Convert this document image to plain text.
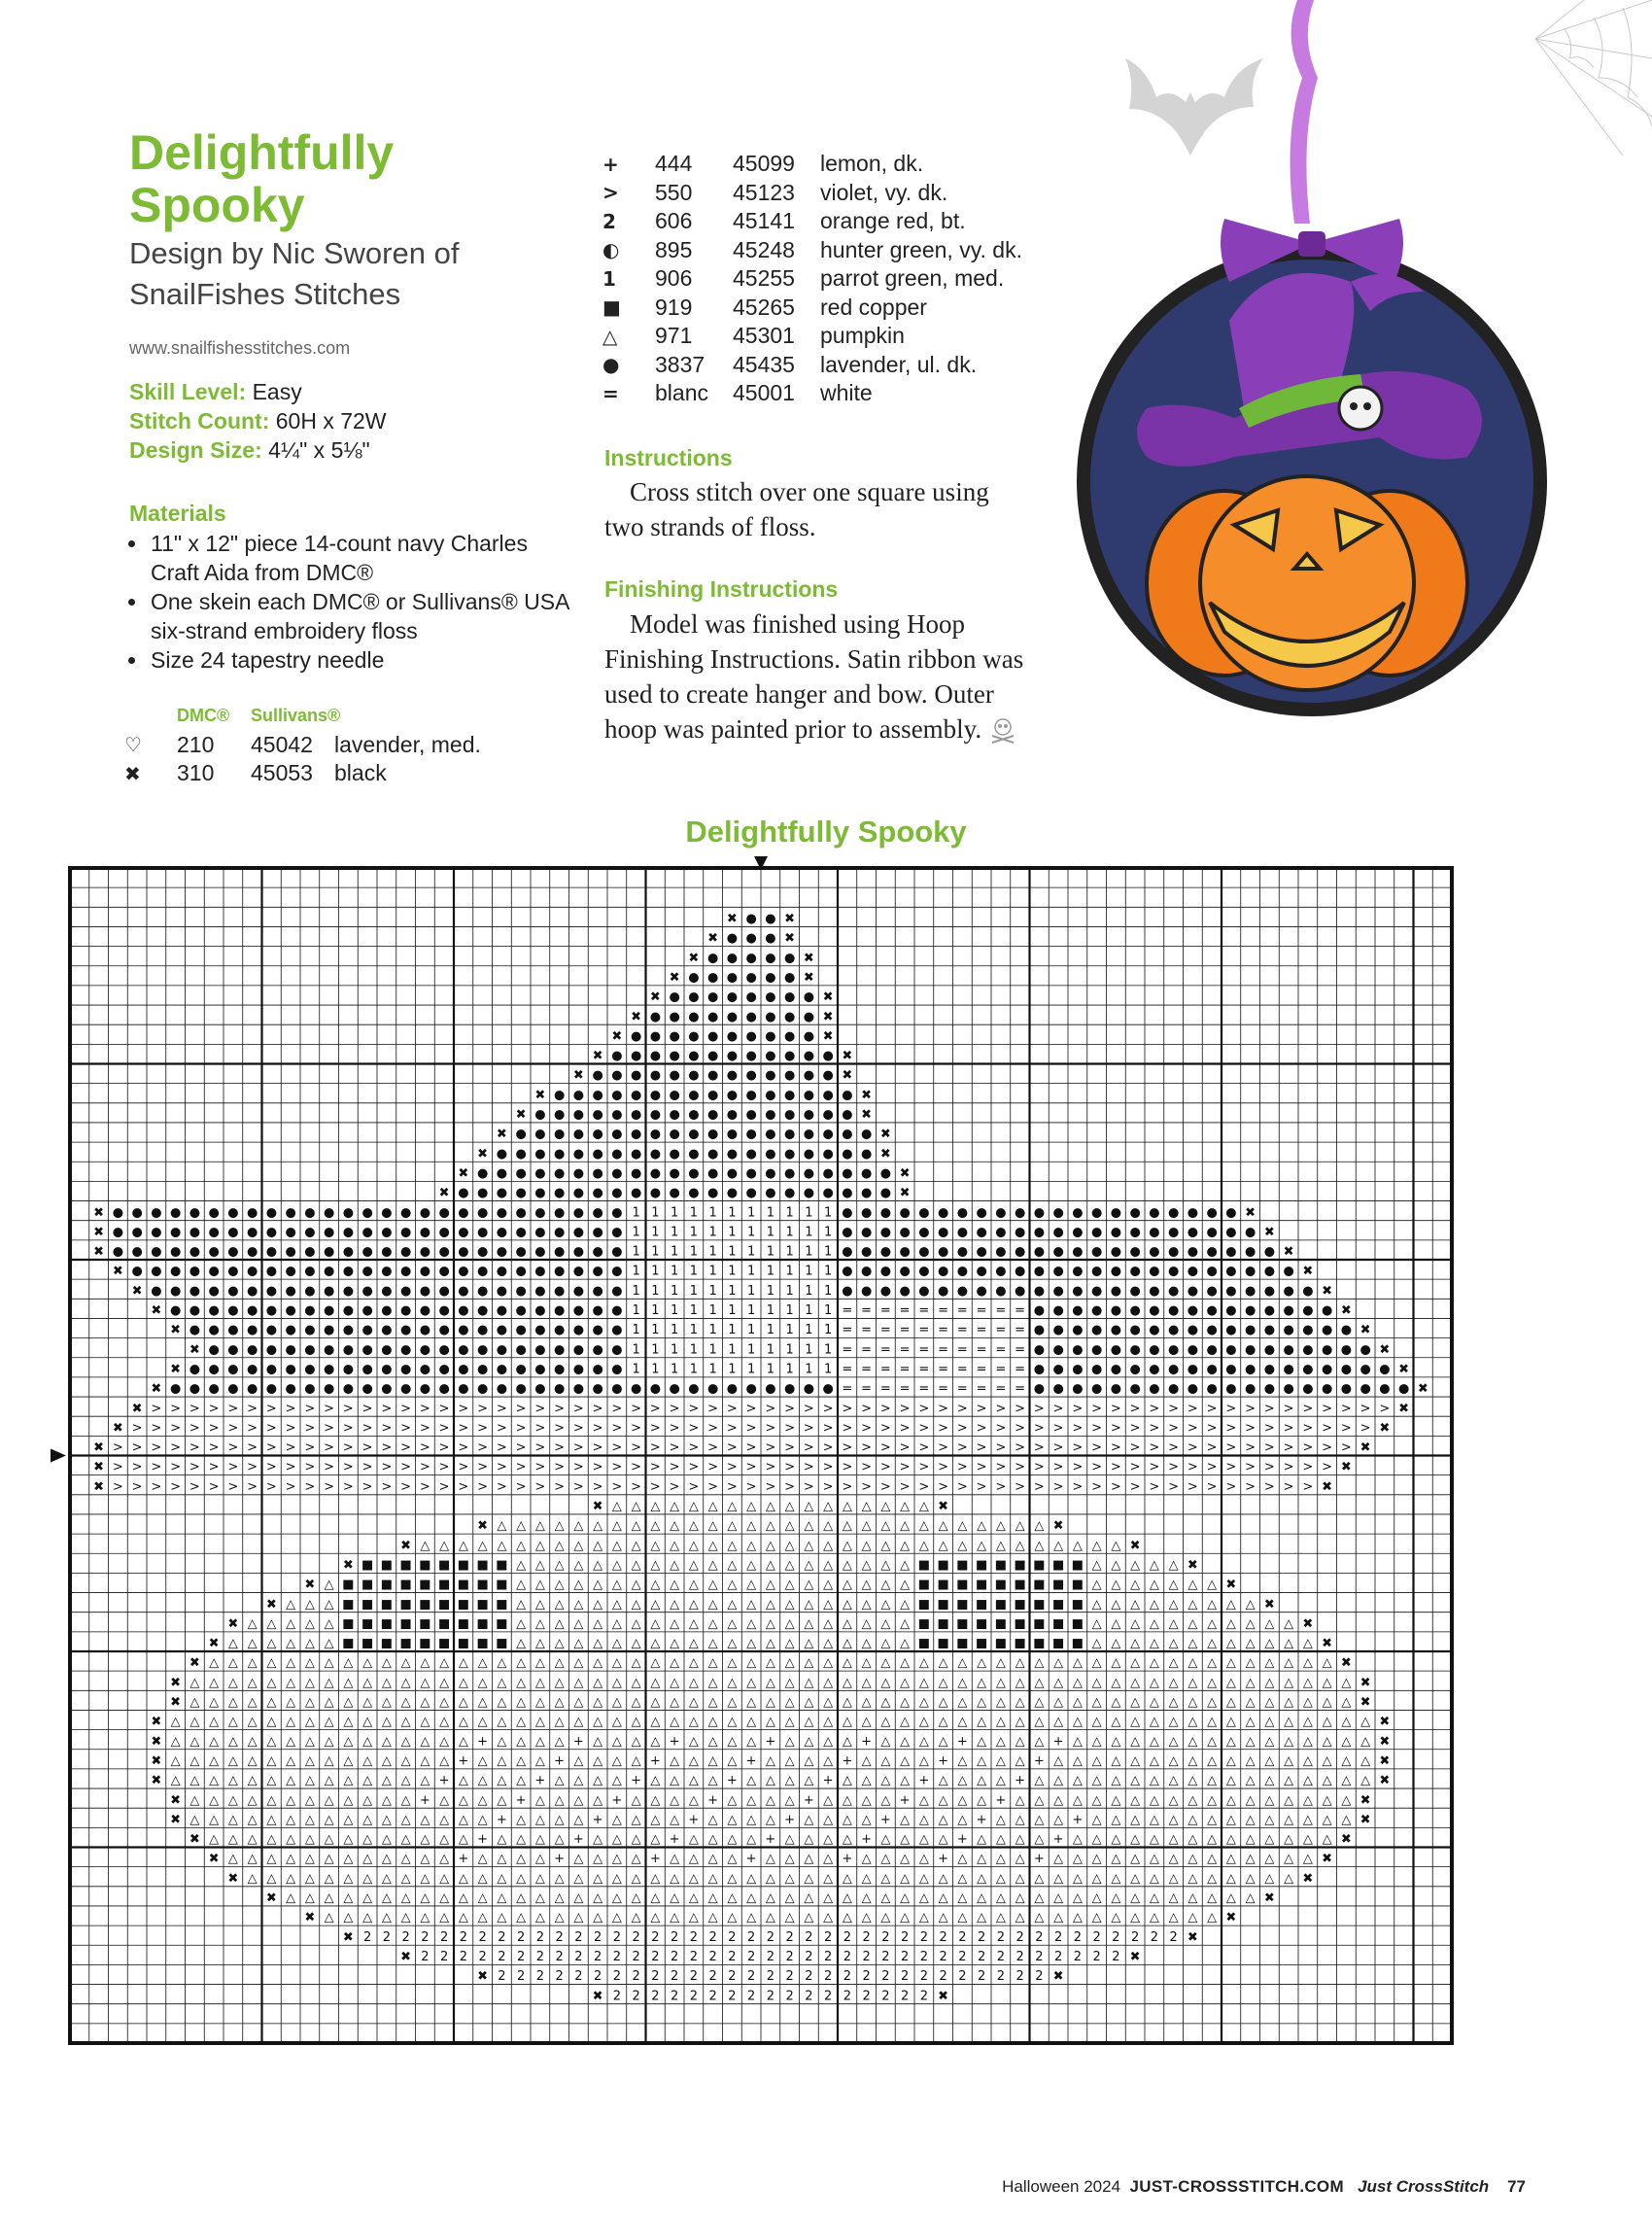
Delightfully
Spooky
Design by Nic Sworen of
SnailFishes Stitches
www.snailfishesstitches.com
Skill Level: Easy
Stitch Count: 60H x 72W
Design Size: 4¼" x 5⅛"
Materials
• 11" x 12" piece 14-count navy Charles Craft Aida from DMC®
• One skein each DMC® or Sullivans® USA six-strand embroidery floss
• Size 24 tapestry needle
	DMC®	Sullivans®	
♡	210	45042	lavender, med.
✖	310	45053	black
+	444	45099	lemon, dk.
>	550	45123	violet, vy. dk.
2	606	45141	orange red, bt.
◐	895	45248	hunter green, vy. dk.
1	906	45255	parrot green, med.
■	919	45265	red copper
△	971	45301	pumpkin
●	3837	45435	lavender, ul. dk.
=	blanc	45001	white
Instructions
Cross stitch over one square using two strands of floss.
Finishing Instructions
Model was finished using Hoop Finishing Instructions. Satin ribbon was used to create hanger and bow. Outer hoop was painted prior to assembly.
Delightfully Spooky
✖ ● ● ✖
✖ ● ● ● ✖
✖ ● ● ● ● ● ✖
✖ ● ● ● ● ● ● ✖
✖ ● ● ● ● ● ● ● ● ✖
✖ ● ● ● ● ● ● ● ● ● ✖
✖ ● ● ● ● ● ● ● ● ● ● ✖
✖ ● ● ● ● ● ● ● ● ● ● ● ● ✖
✖ ● ● ● ● ● ● ● ● ● ● ● ● ● ✖
✖ ● ● ● ● ● ● ● ● ● ● ● ● ● ● ● ● ✖
✖ ● ● ● ● ● ● ● ● ● ● ● ● ● ● ● ● ● ✖
✖ ● ● ● ● ● ● ● ● ● ● ● ● ● ● ● ● ● ● ● ✖
✖ ● ● ● ● ● ● ● ● ● ● ● ● ● ● ● ● ● ● ● ● ✖
✖ ● ● ● ● ● ● ● ● ● ● ● ● ● ● ● ● ● ● ● ● ● ● ✖
✖ ● ● ● ● ● ● ● ● ● ● ● ● ● ● ● ● ● ● ● ● ● ● ● ✖
✖ ● ● ● ● ● ● ● ● ● ● ● ● ● ● ● ● ● ● ● ● ● ● ● ● ● ● ● 1 1 1 1 1 1 1 1 1 1 1 ● ● ● ● ● ● ● ● ● ● ● ● ● ● ● ● ● ● ● ● ● ✖
✖ ● ● ● ● ● ● ● ● ● ● ● ● ● ● ● ● ● ● ● ● ● ● ● ● ● ● ● 1 1 1 1 1 1 1 1 1 1 1 ● ● ● ● ● ● ● ● ● ● ● ● ● ● ● ● ● ● ● ● ● ● ✖
✖ ● ● ● ● ● ● ● ● ● ● ● ● ● ● ● ● ● ● ● ● ● ● ● ● ● ● ● 1 1 1 1 1 1 1 1 1 1 1 ● ● ● ● ● ● ● ● ● ● ● ● ● ● ● ● ● ● ● ● ● ● ● ✖
✖ ● ● ● ● ● ● ● ● ● ● ● ● ● ● ● ● ● ● ● ● ● ● ● ● ● ● 1 1 1 1 1 1 1 1 1 1 1 ● ● ● ● ● ● ● ● ● ● ● ● ● ● ● ● ● ● ● ● ● ● ● ● ✖
✖ ● ● ● ● ● ● ● ● ● ● ● ● ● ● ● ● ● ● ● ● ● ● ● ● ● 1 1 1 1 1 1 1 1 1 1 1 ● ● ● ● ● ● ● ● ● ● ● ● ● ● ● ● ● ● ● ● ● ● ● ● ● ✖
✖ ● ● ● ● ● ● ● ● ● ● ● ● ● ● ● ● ● ● ● ● ● ● ● ● 1 1 1 1 1 1 1 1 1 1 1 = = = = = = = = = = ● ● ● ● ● ● ● ● ● ● ● ● ● ● ● ● ✖
✖ ● ● ● ● ● ● ● ● ● ● ● ● ● ● ● ● ● ● ● ● ● ● ● 1 1 1 1 1 1 1 1 1 1 1 = = = = = = = = = = ● ● ● ● ● ● ● ● ● ● ● ● ● ● ● ● ● ✖
✖ ● ● ● ● ● ● ● ● ● ● ● ● ● ● ● ● ● ● ● ● ● ● 1 1 1 1 1 1 1 1 1 1 1 = = = = = = = = = = ● ● ● ● ● ● ● ● ● ● ● ● ● ● ● ● ● ● ✖
✖ ● ● ● ● ● ● ● ● ● ● ● ● ● ● ● ● ● ● ● ● ● ● ● 1 1 1 1 1 1 1 1 1 1 1 = = = = = = = = = = ● ● ● ● ● ● ● ● ● ● ● ● ● ● ● ● ● ● ● ✖
✖ ● ● ● ● ● ● ● ● ● ● ● ● ● ● ● ● ● ● ● ● ● ● ● ● ● ● ● ● ● ● ● ● ● ● ● = = = = = = = = = = ● ● ● ● ● ● ● ● ● ● ● ● ● ● ● ● ● ● ● ● ✖
✖ > > > > > > > > > > > > > > > > > > > > > > > > > > > > > > > > > > > > > > > > > > > > > > > > > > > > > > > > > > > > > > > > > ✖
✖ > > > > > > > > > > > > > > > > > > > > > > > > > > > > > > > > > > > > > > > > > > > > > > > > > > > > > > > > > > > > > > > > > ✖
✖ > > > > > > > > > > > > > > > > > > > > > > > > > > > > > > > > > > > > > > > > > > > > > > > > > > > > > > > > > > > > > > > > > ✖
✖ > > > > > > > > > > > > > > > > > > > > > > > > > > > > > > > > > > > > > > > > > > > > > > > > > > > > > > > > > > > > > > > > ✖
✖ > > > > > > > > > > > > > > > > > > > > > > > > > > > > > > > > > > > > > > > > > > > > > > > > > > > > > > > > > > > > > > > ✖
✖ △ △ △ △ △ △ △ △ △ △ △ △ △ △ △ △ △ ✖
✖ △ △ △ △ △ △ △ △ △ △ △ △ △ △ △ △ △ △ △ △ △ △ △ △ △ △ △ △ △ ✖
✖ △ △ △ △ △ △ △ △ △ △ △ △ △ △ △ △ △ △ △ △ △ △ △ △ △ △ △ △ △ △ △ △ △ △ △ △ △ ✖
✖ ■ ■ ■ ■ ■ ■ ■ ■ △ △ △ △ △ △ △ △ △ △ △ △ △ △ △ △ △ △ △ △ △ ■ ■ ■ ■ ■ ■ ■ ■ ■ △ △ △ △ △ ✖
✖ △ ■ ■ ■ ■ ■ ■ ■ ■ ■ △ △ △ △ △ △ △ △ △ △ △ △ △ △ △ △ △ △ △ △ △ ■ ■ ■ ■ ■ ■ ■ ■ ■ △ △ △ △ △ △ △ ✖
✖ △ △ △ ■ ■ ■ ■ ■ ■ ■ ■ ■ △ △ △ △ △ △ △ △ △ △ △ △ △ △ △ △ △ △ △ △ △ ■ ■ ■ ■ ■ ■ ■ ■ ■ △ △ △ △ △ △ △ △ △ ✖
✖ △ △ △ △ △ ■ ■ ■ ■ ■ ■ ■ ■ ■ △ △ △ △ △ △ △ △ △ △ △ △ △ △ △ △ △ △ △ △ △ ■ ■ ■ ■ ■ ■ ■ ■ ■ △ △ △ △ △ △ △ △ △ △ △ ✖
✖ △ △ △ △ △ △ ■ ■ ■ ■ ■ ■ ■ ■ ■ △ △ △ △ △ △ △ △ △ △ △ △ △ △ △ △ △ △ △ △ △ ■ ■ ■ ■ ■ ■ ■ ■ ■ △ △ △ △ △ △ △ △ △ △ △ △ ✖
✖ △ △ △ △ △ △ △ △ △ △ △ △ △ △ △ △ △ △ △ △ △ △ △ △ △ △ △ △ △ △ △ △ △ △ △ △ △ △ △ △ △ △ △ △ △ △ △ △ △ △ △ △ △ △ △ △ △ △ △ ✖
✖ △ △ △ △ △ △ △ △ △ △ △ △ △ △ △ △ △ △ △ △ △ △ △ △ △ △ △ △ △ △ △ △ △ △ △ △ △ △ △ △ △ △ △ △ △ △ △ △ △ △ △ △ △ △ △ △ △ △ △ △ △ ✖
✖ △ △ △ △ △ △ △ △ △ △ △ △ △ △ △ △ △ △ △ △ △ △ △ △ △ △ △ △ △ △ △ △ △ △ △ △ △ △ △ △ △ △ △ △ △ △ △ △ △ △ △ △ △ △ △ △ △ △ △ △ △ ✖
✖ △ △ △ △ △ △ △ △ △ △ △ △ △ △ △ △ △ △ △ △ △ △ △ △ △ △ △ △ △ △ △ △ △ △ △ △ △ △ △ △ △ △ △ △ △ △ △ △ △ △ △ △ △ △ △ △ △ △ △ △ △ △ △ ✖
✖ △ △ △ △ △ △ △ △ △ △ △ △ △ △ △ △ + △ △ △ △ + △ △ △ △ + △ △ △ △ + △ △ △ △ + △ △ △ △ + △ △ △ △ + △ △ △ △ △ △ △ △ △ △ △ △ △ △ △ △ ✖
✖ △ △ △ △ △ △ △ △ △ △ △ △ △ △ △ + △ △ △ △ + △ △ △ △ + △ △ △ △ + △ △ △ △ + △ △ △ △ + △ △ △ △ + △ △ △ △ △ △ △ △ △ △ △ △ △ △ △ △ △ ✖
✖ △ △ △ △ △ △ △ △ △ △ △ △ △ △ + △ △ △ △ + △ △ △ △ + △ △ △ △ + △ △ △ △ + △ △ △ △ + △ △ △ △ + △ △ △ △ △ △ △ △ △ △ △ △ △ △ △ △ △ △ ✖
✖ △ △ △ △ △ △ △ △ △ △ △ △ + △ △ △ △ + △ △ △ △ + △ △ △ △ + △ △ △ △ + △ △ △ △ + △ △ △ △ + △ △ △ △ △ △ △ △ △ △ △ △ △ △ △ △ △ △ ✖
✖ △ △ △ △ △ △ △ △ △ △ △ △ △ △ △ △ + △ △ △ △ + △ △ △ △ + △ △ △ △ + △ △ △ △ + △ △ △ △ + △ △ △ △ + △ △ △ △ △ △ △ △ △ △ △ △ △ △ ✖
✖ △ △ △ △ △ △ △ △ △ △ △ △ △ △ + △ △ △ △ + △ △ △ △ + △ △ △ △ + △ △ △ △ + △ △ △ △ + △ △ △ △ + △ △ △ △ △ △ △ △ △ △ △ △ △ △ ✖
✖ △ △ △ △ △ △ △ △ △ △ △ △ + △ △ △ △ + △ △ △ △ + △ △ △ △ + △ △ △ △ + △ △ △ △ + △ △ △ △ + △ △ △ △ △ △ △ △ △ △ △ △ △ △ ✖
✖ △ △ △ △ △ △ △ △ △ △ △ △ △ △ △ △ △ △ △ △ △ △ △ △ △ △ △ △ △ △ △ △ △ △ △ △ △ △ △ △ △ △ △ △ △ △ △ △ △ △ △ △ △ △ △ ✖
✖ △ △ △ △ △ △ △ △ △ △ △ △ △ △ △ △ △ △ △ △ △ △ △ △ △ △ △ △ △ △ △ △ △ △ △ △ △ △ △ △ △ △ △ △ △ △ △ △ △ △ △ ✖
✖ △ △ △ △ △ △ △ △ △ △ △ △ △ △ △ △ △ △ △ △ △ △ △ △ △ △ △ △ △ △ △ △ △ △ △ △ △ △ △ △ △ △ △ △ △ △ △ ✖
✖ 2 2 2 2 2 2 2 2 2 2 2 2 2 2 2 2 2 2 2 2 2 2 2 2 2 2 2 2 2 2 2 2 2 2 2 2 2 2 2 2 2 2 2 ✖
✖ 2 2 2 2 2 2 2 2 2 2 2 2 2 2 2 2 2 2 2 2 2 2 2 2 2 2 2 2 2 2 2 2 2 2 2 2 2 ✖
✖ 2 2 2 2 2 2 2 2 2 2 2 2 2 2 2 2 2 2 2 2 2 2 2 2 2 2 2 2 2 ✖
✖ 2 2 2 2 2 2 2 2 2 2 2 2 2 2 2 2 2 ✖
Halloween 2024 JUST-CROSSSTITCH.COM Just CrossStitch 77
